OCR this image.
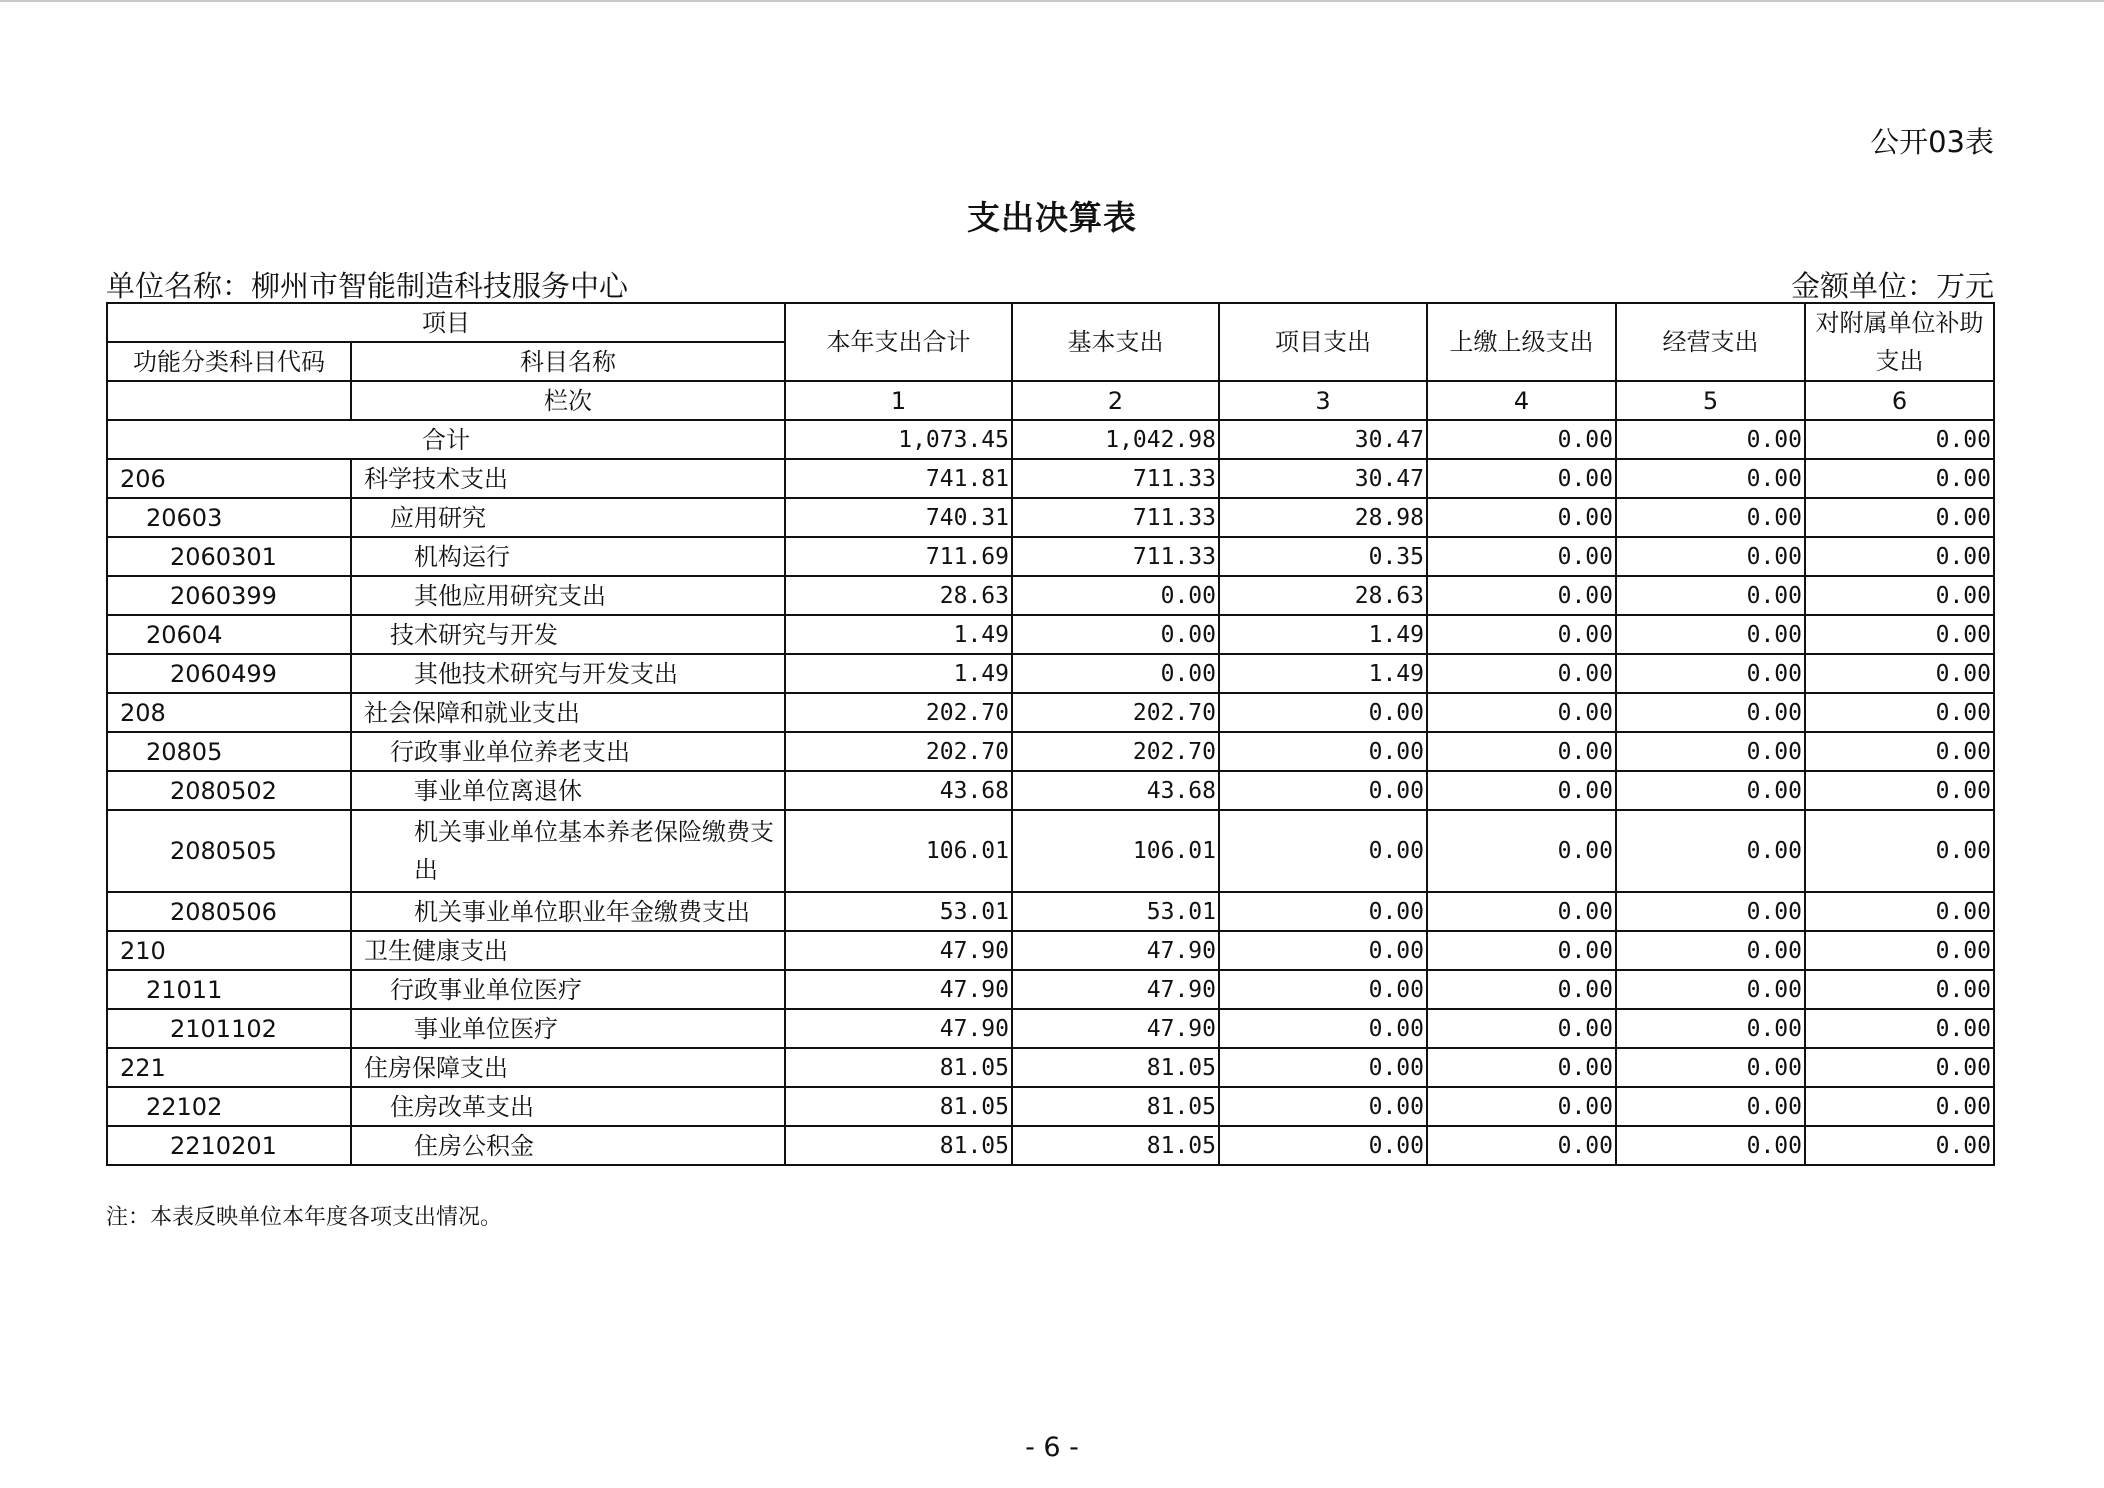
公开03表
支出决算表
单位名称：柳州市智能制造科技服务中心	金额单位：万元
项目		本年支出合计	基本支出	项目支出	上缴上级支出	经营支出	对附属单位补助支出
功能分类科目代码	科目名称						
	栏次	1	2	3	4	5	6
合计		1,073.45	1,042.98	30.47	0.00	0.00	0.00
206	科学技术支出	741.81	711.33	30.47	0.00	0.00	0.00
20603	应用研究	740.31	711.33	28.98	0.00	0.00	0.00
2060301	机构运行	711.69	711.33	0.35	0.00	0.00	0.00
2060399	其他应用研究支出	28.63	0.00	28.63	0.00	0.00	0.00
20604	技术研究与开发	1.49	0.00	1.49	0.00	0.00	0.00
2060499	其他技术研究与开发支出	1.49	0.00	1.49	0.00	0.00	0.00
208	社会保障和就业支出	202.70	202.70	0.00	0.00	0.00	0.00
20805	行政事业单位养老支出	202.70	202.70	0.00	0.00	0.00	0.00
2080502	事业单位离退休	43.68	43.68	0.00	0.00	0.00	0.00
2080505	机关事业单位基本养老保险缴费支出	106.01	106.01	0.00	0.00	0.00	0.00
2080506	机关事业单位职业年金缴费支出	53.01	53.01	0.00	0.00	0.00	0.00
210	卫生健康支出	47.90	47.90	0.00	0.00	0.00	0.00
21011	行政事业单位医疗	47.90	47.90	0.00	0.00	0.00	0.00
2101102	事业单位医疗	47.90	47.90	0.00	0.00	0.00	0.00
221	住房保障支出	81.05	81.05	0.00	0.00	0.00	0.00
22102	住房改革支出	81.05	81.05	0.00	0.00	0.00	0.00
2210201	住房公积金	81.05	81.05	0.00	0.00	0.00	0.00
注：本表反映单位本年度各项支出情况。
- 6 -
